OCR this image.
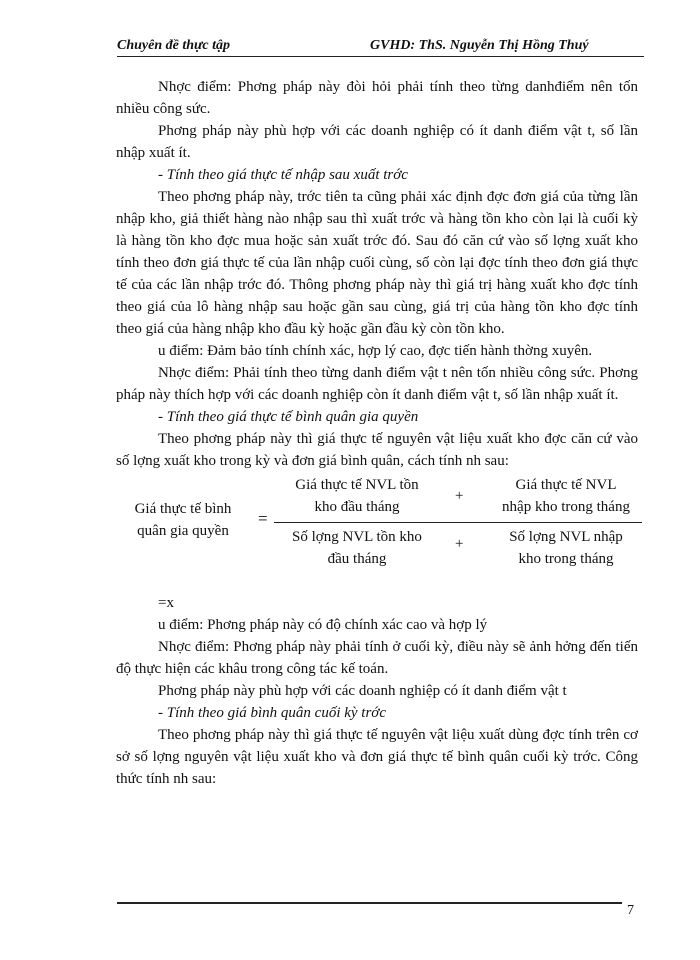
Chuyên đề thực tập	GVHD: ThS. Nguyễn Thị Hồng Thuý

Nhợc điểm: Phơng pháp này đòi hỏi phải tính theo từng danhđiểm nên tốn nhiều công sức.

Phơng pháp này phù hợp với các doanh nghiệp có ít danh điểm vật t, số lần nhập xuất ít.

- Tính theo giá thực tế nhập sau xuất trớc

Theo phơng pháp này, trớc tiên ta cũng phải xác định đợc đơn giá của từng lần nhập kho, giả thiết hàng nào nhập sau thì xuất trớc và hàng tồn kho còn lại là cuối kỳ là hàng tồn kho đợc mua hoặc sản xuất trớc đó. Sau đó căn cứ vào số lợng xuất kho tính theo đơn giá thực tế của lần nhập cuối cùng, số còn lại đợc tính theo đơn giá thực tế của các lần nhập trớc đó. Thông phơng pháp này thì giá trị hàng xuất kho đợc tính theo giá của lô hàng nhập sau hoặc gần sau cùng, giá trị của hàng tồn kho đợc tính theo giá của hàng nhập kho đầu kỳ hoặc gần đầu kỳ còn tồn kho.

u điểm: Đảm bảo tính chính xác, hợp lý cao, đợc tiến hành thờng xuyên.

Nhợc điểm: Phải tính theo từng danh điểm vật t nên tốn nhiều công sức. Phơng pháp này thích hợp với các doanh nghiệp còn ít danh điểm vật t, số lần nhập xuất ít.

- Tính theo giá thực tế bình quân gia quyền

Theo phơng pháp này thì giá thực tế nguyên vật liệu xuất kho đợc căn cứ vào số lợng xuất kho trong kỳ và đơn giá bình quân, cách tính nh sau:

Giá thực tế bình
quân gia quyền
=
Giá thực tế NVL tồn
kho đầu tháng
+
Giá thực tế NVL
nhập kho trong tháng
Số lợng NVL tồn kho
đầu tháng
+	Số lợng NVL nhập
kho trong tháng

=x

u điểm: Phơng pháp này có độ chính xác cao và hợp lý

Nhợc điểm: Phơng pháp này phải tính ở cuối kỳ, điều này sẽ ảnh hởng đến tiến độ thực hiện các khâu trong công tác kế toán.

Phơng pháp này phù hợp với các doanh nghiệp có ít danh điểm vật t

- Tính theo giá bình quân cuối kỳ trớc

Theo phơng pháp này thì giá thực tế nguyên vật liệu xuất dùng đợc tính trên cơ sở số lợng nguyên vật liệu xuất kho và đơn giá thực tế bình quân cuối kỳ trớc. Công thức tính nh sau:

7
